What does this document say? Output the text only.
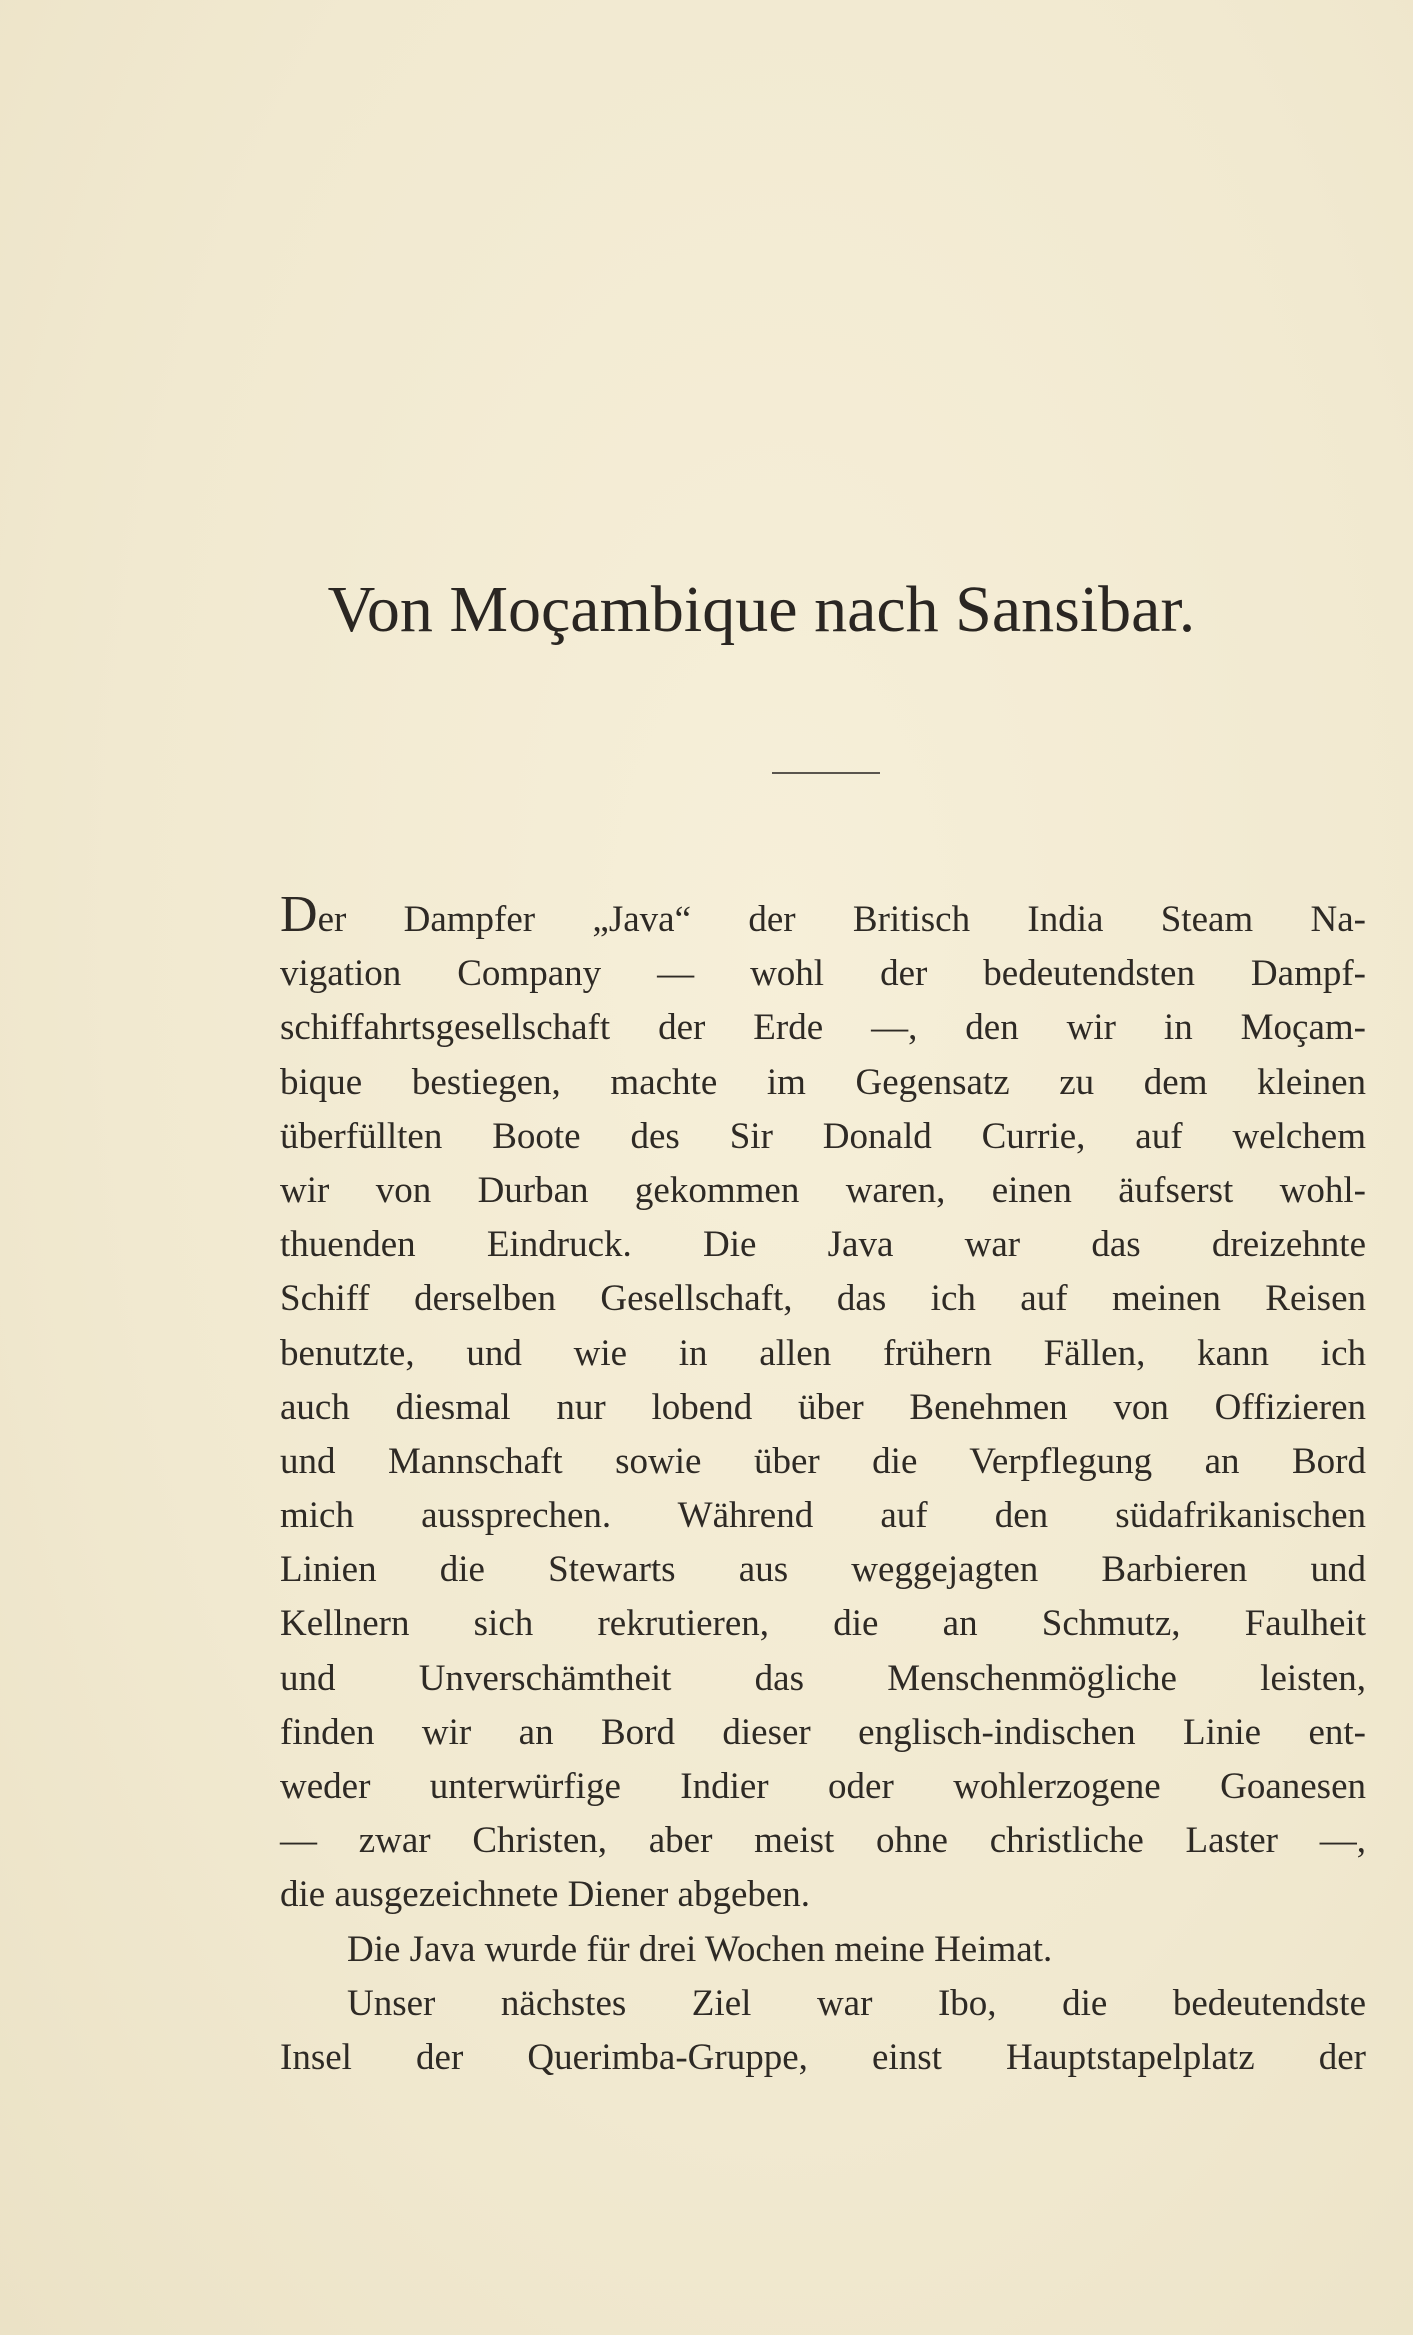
Von Moçambique nach Sansibar.
Der Dampfer „Java“ der Britisch India Steam Na-
vigation Company — wohl der bedeutendsten Dampf-
schiffahrtsgesellschaft der Erde —, den wir in Moçam-
bique bestiegen, machte im Gegensatz zu dem kleinen
überfüllten Boote des Sir Donald Currie, auf welchem
wir von Durban gekommen waren, einen äufserst wohl-
thuenden Eindruck. Die Java war das dreizehnte
Schiff derselben Gesellschaft, das ich auf meinen Reisen
benutzte, und wie in allen frühern Fällen, kann ich
auch diesmal nur lobend über Benehmen von Offizieren
und Mannschaft sowie über die Verpflegung an Bord
mich aussprechen. Während auf den südafrikanischen
Linien die Stewarts aus weggejagten Barbieren und
Kellnern sich rekrutieren, die an Schmutz, Faulheit
und Unverschämtheit das Menschenmögliche leisten,
finden wir an Bord dieser englisch-indischen Linie ent-
weder unterwürfige Indier oder wohlerzogene Goanesen
— zwar Christen, aber meist ohne christliche Laster —,
die ausgezeichnete Diener abgeben.
Die Java wurde für drei Wochen meine Heimat.
Unser nächstes Ziel war Ibo, die bedeutendste
Insel der Querimba-Gruppe, einst Hauptstapelplatz der
